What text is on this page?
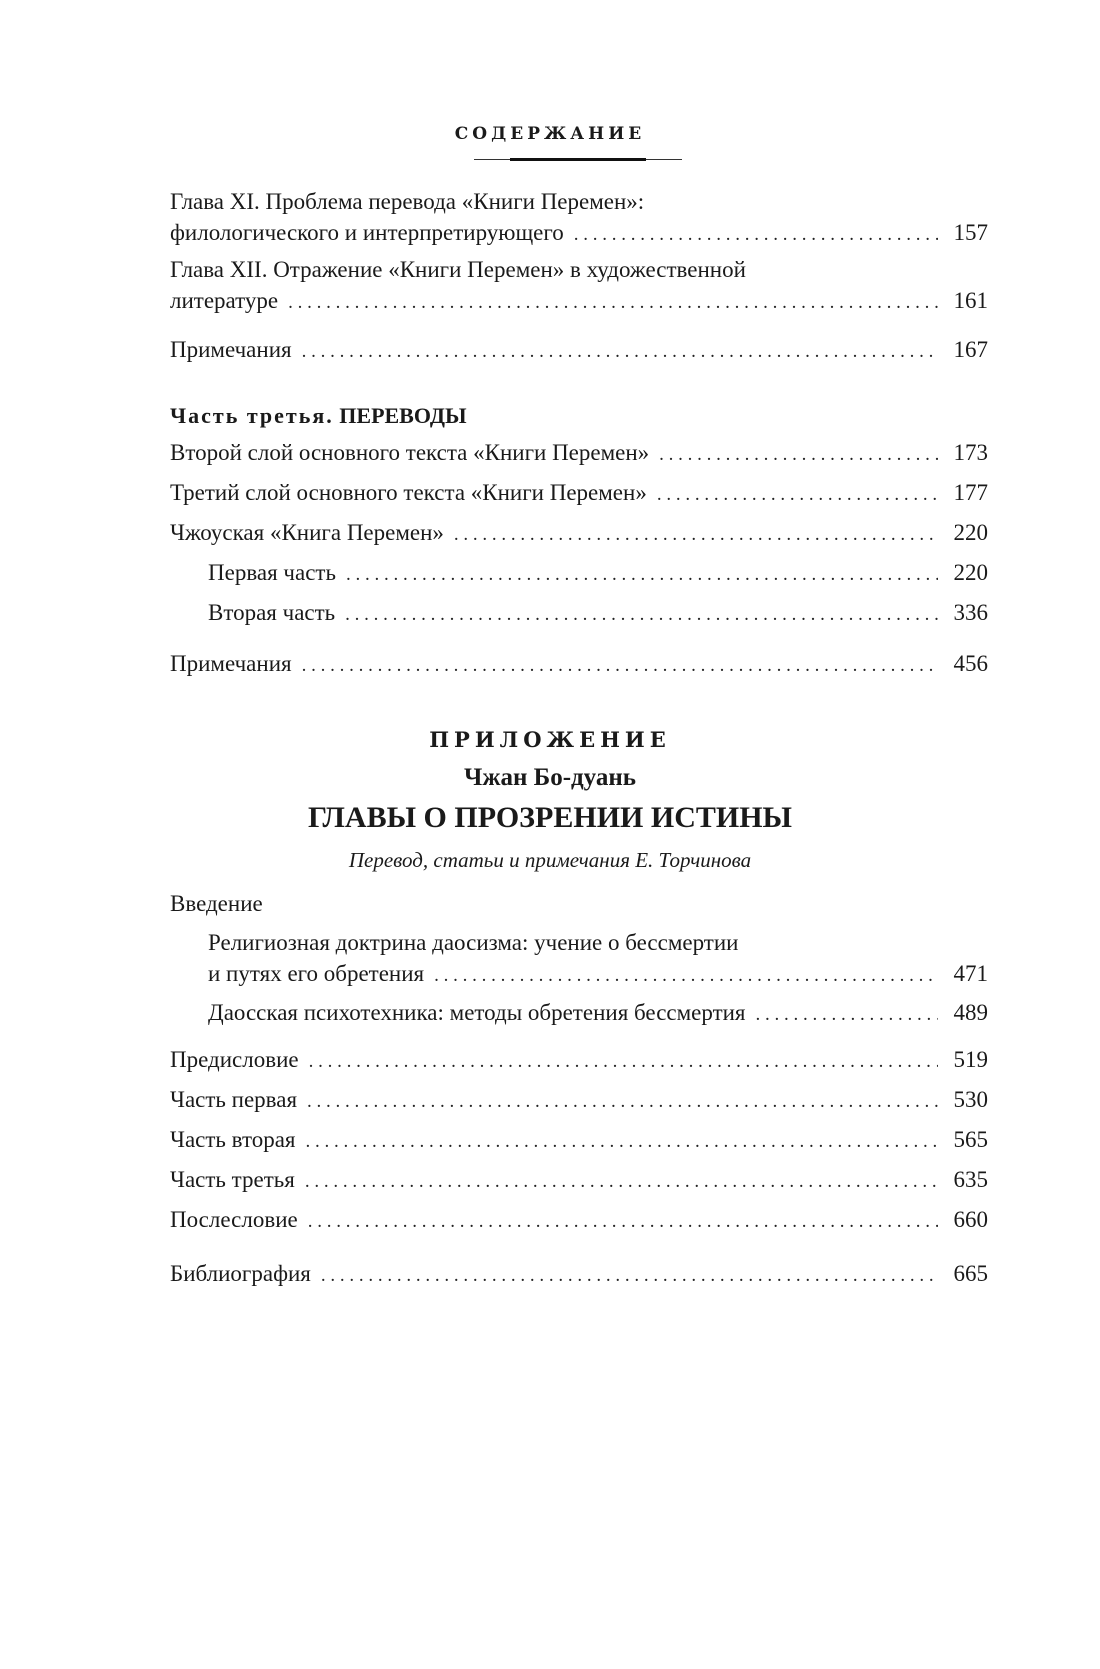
СОДЕРЖАНИЕ
Глава XI. Проблема перевода «Книги Перемен»:
филологического и интерпретирующего . . .	157
Глава XII. Отражение «Книги Перемен» в художественной
литературе . . .	161
Примечания . . .	167
Часть третья. ПЕРЕВОДЫ
Второй слой основного текста «Книги Перемен» . . .	173
Третий слой основного текста «Книги Перемен» . . .	177
Чжоуская «Книга Перемен» . . .	220
Первая часть . . .	220
Вторая часть . . .	336
Примечания . . .	456
ПРИЛОЖЕНИЕ
Чжан Бо-дуань
ГЛАВЫ О ПРОЗРЕНИИ ИСТИНЫ
Перевод, статьи и примечания Е. Торчинова
Введение
Религиозная доктрина даосизма: учение о бессмертии
и путях его обретения . . .	471
Даосская психотехника: методы обретения бессмертия . . .	489
Предисловие . . .	519
Часть первая . . .	530
Часть вторая . . .	565
Часть третья . . .	635
Послесловие . . .	660
Библиография . . .	665
